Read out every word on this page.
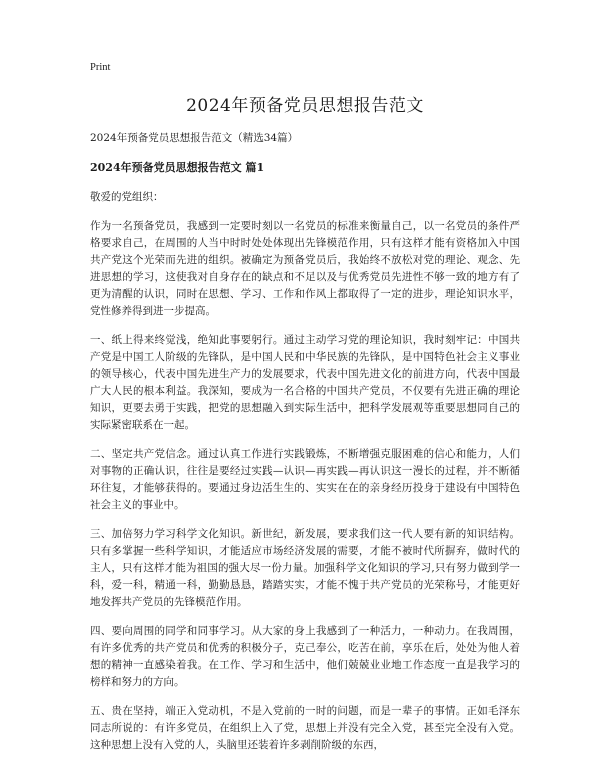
Print
2024年预备党员思想报告范文
2024年预备党员思想报告范文（精选34篇）
2024年预备党员思想报告范文 篇1
敬爱的党组织：

作为一名预备党员，我感到一定要时刻以一名党员的标准来衡量自己，以一名党员的条件严格要求自己，在周围的人当中时时处处体现出先锋模范作用，只有这样才能有资格加入中国共产党这个光荣而先进的组织。被确定为预备党员后，我始终不放松对党的理论、观念、先进思想的学习，这使我对自身存在的缺点和不足以及与优秀党员先进性不够一致的地方有了更为清醒的认识，同时在思想、学习、工作和作风上都取得了一定的进步，理论知识水平，党性修养得到进一步提高。

一、纸上得来终觉浅，绝知此事要躬行。通过主动学习党的理论知识，我时刻牢记：中国共产党是中国工人阶级的先锋队，是中国人民和中华民族的先锋队，是中国特色社会主义事业的领导核心，代表中国先进生产力的发展要求，代表中国先进文化的前进方向，代表中国最广大人民的根本利益。我深知，要成为一名合格的中国共产党员，不仅要有先进正确的理论知识，更要去勇于实践，把党的思想融入到实际生活中，把科学发展观等重要思想同自己的实际紧密联系在一起。

二、坚定共产党信念。通过认真工作进行实践锻炼，不断增强克服困难的信心和能力，人们对事物的正确认识，往往是要经过实践—认识—再实践—再认识这一漫长的过程，并不断循环往复，才能够获得的。要通过身边活生生的、实实在在的亲身经历投身于建设有中国特色社会主义的事业中。

三、加倍努力学习科学文化知识。新世纪，新发展，要求我们这一代人要有新的知识结构。只有多掌握一些科学知识，才能适应市场经济发展的需要，才能不被时代所摒弃，做时代的主人，只有这样才能为祖国的强大尽一份力量。加强科学文化知识的学习,只有努力做到学一科，爱一科，精通一科，勤勤恳恳，踏踏实实，才能不愧于共产党员的光荣称号，才能更好地发挥共产党员的先锋模范作用。

四、要向周围的同学和同事学习。从大家的身上我感到了一种活力，一种动力。在我周围，有许多优秀的共产党员和优秀的积极分子，克己奉公，吃苦在前，享乐在后，处处为他人着想的精神一直感染着我。在工作、学习和生活中，他们兢兢业业地工作态度一直是我学习的榜样和努力的方向。

五、贵在坚持，端正入党动机，不是入党前的一时的问题，而是一辈子的事情。正如毛泽东同志所说的：有许多党员，在组织上入了党，思想上并没有完全入党，甚至完全没有入党。这种思想上没有入党的人，头脑里还装着许多剥削阶级的东西，
